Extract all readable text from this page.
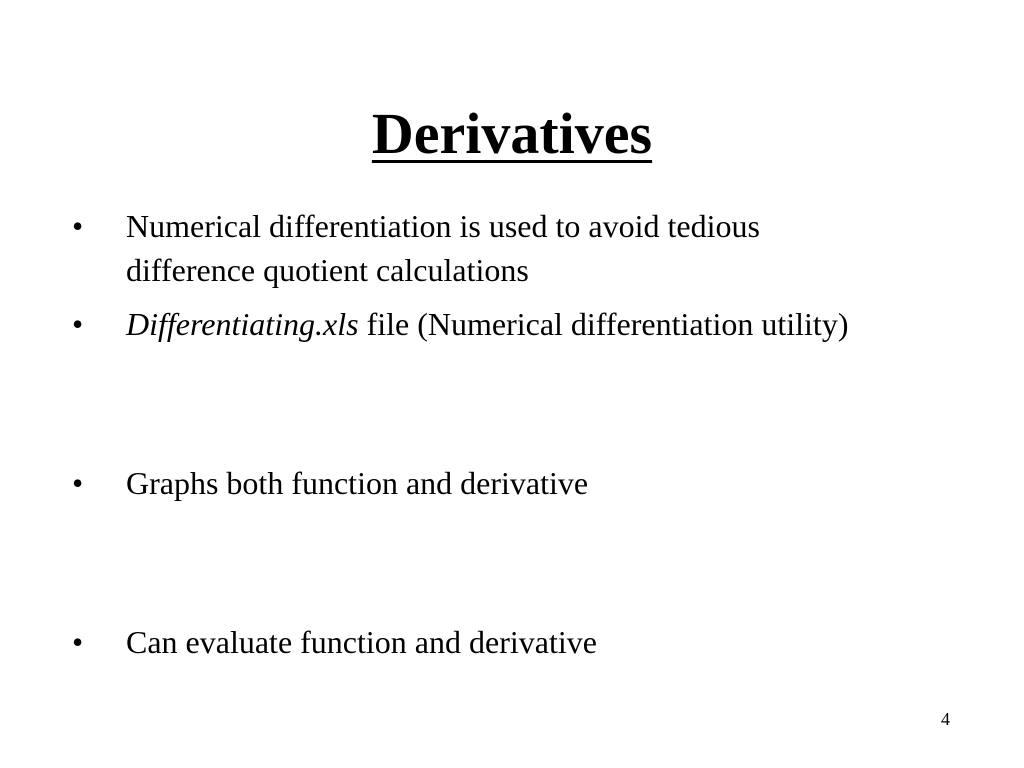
Derivatives
• Numerical differentiation is used to avoid tedious
difference quotient calculations
• Differentiating.xls file (Numerical differentiation utility)
• Graphs both function and derivative
• Can evaluate function and derivative
4
